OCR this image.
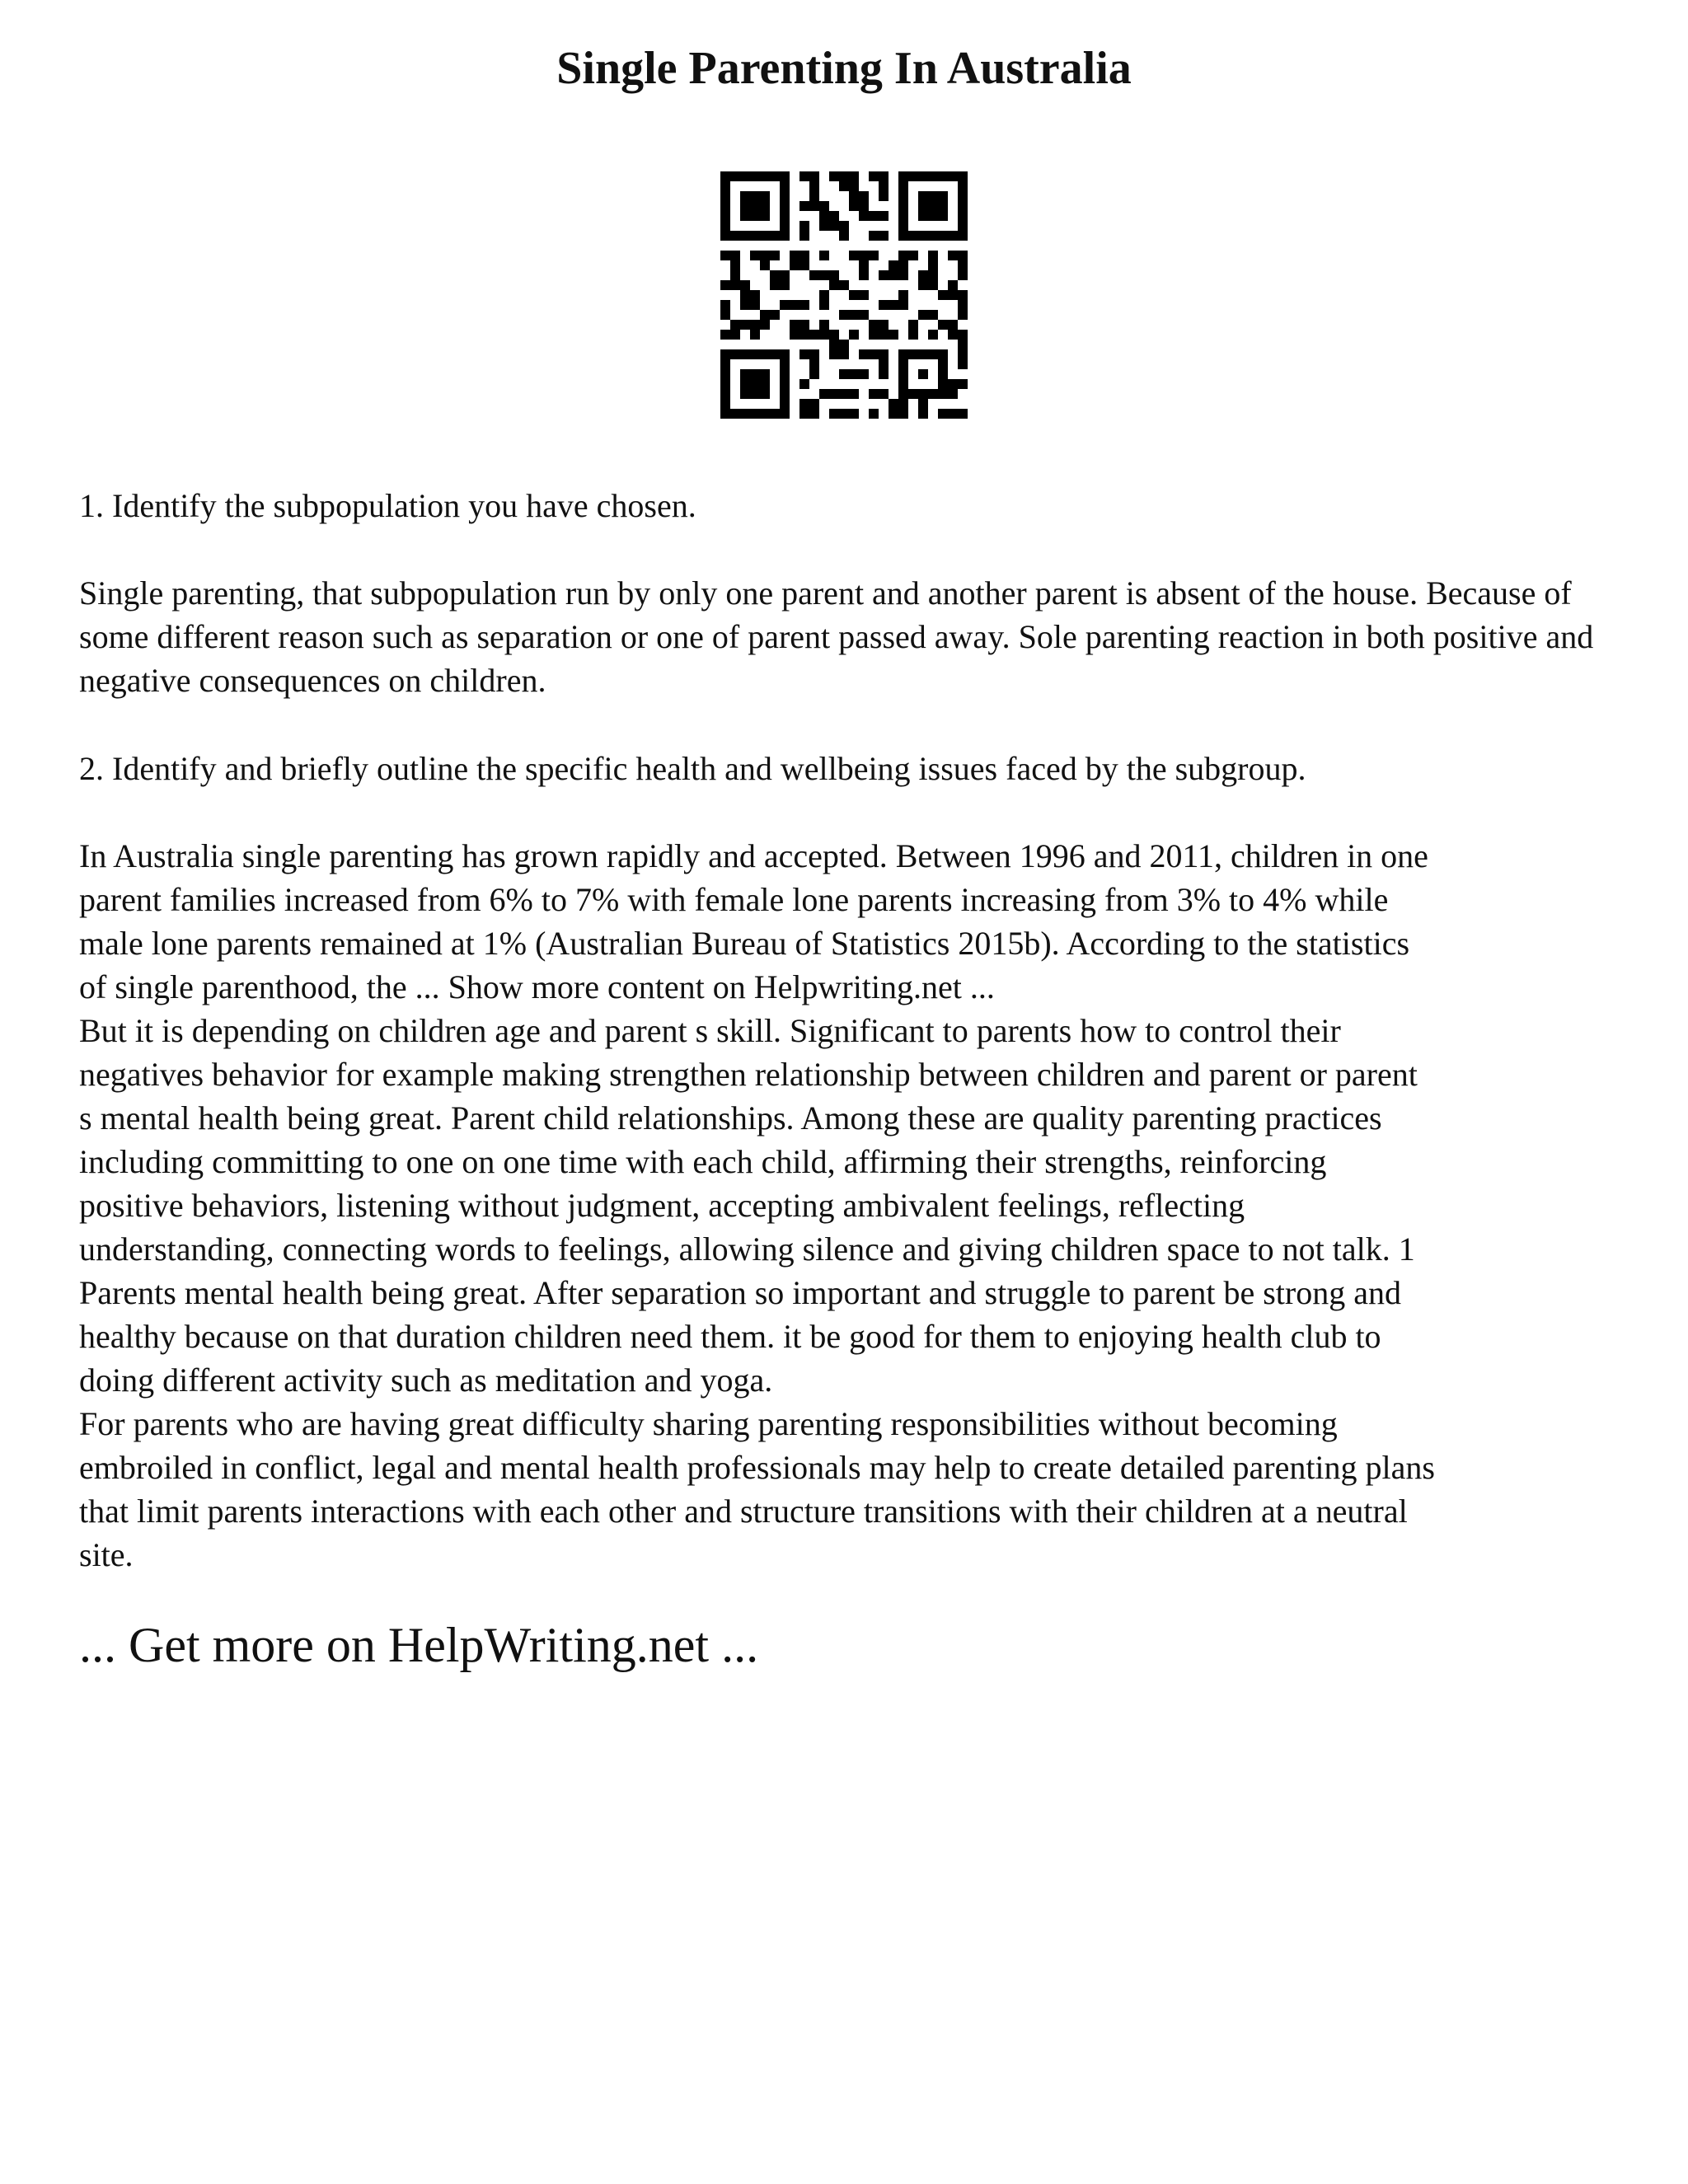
Single Parenting In Australia

1. Identify the subpopulation you have chosen.

Single parenting, that subpopulation run by only one parent and another parent is absent of the house. Because of some different reason such as separation or one of parent passed away. Sole parenting reaction in both positive and negative consequences on children.

2. Identify and briefly outline the specific health and wellbeing issues faced by the subgroup.

In Australia single parenting has grown rapidly and accepted. Between 1996 and 2011, children in one
parent families increased from 6% to 7% with female lone parents increasing from 3% to 4% while
male lone parents remained at 1% (Australian Bureau of Statistics 2015b). According to the statistics
of single parenthood, the ... Show more content on Helpwriting.net ...
But it is depending on children age and parent s skill. Significant to parents how to control their
negatives behavior for example making strengthen relationship between children and parent or parent
s mental health being great. Parent child relationships. Among these are quality parenting practices
including committing to one on one time with each child, affirming their strengths, reinforcing
positive behaviors, listening without judgment, accepting ambivalent feelings, reflecting
understanding, connecting words to feelings, allowing silence and giving children space to not talk. 1
Parents mental health being great. After separation so important and struggle to parent be strong and
healthy because on that duration children need them. it be good for them to enjoying health club to
doing different activity such as meditation and yoga.
For parents who are having great difficulty sharing parenting responsibilities without becoming
embroiled in conflict, legal and mental health professionals may help to create detailed parenting plans
that limit parents interactions with each other and structure transitions with their children at a neutral
site.

... Get more on HelpWriting.net ...
